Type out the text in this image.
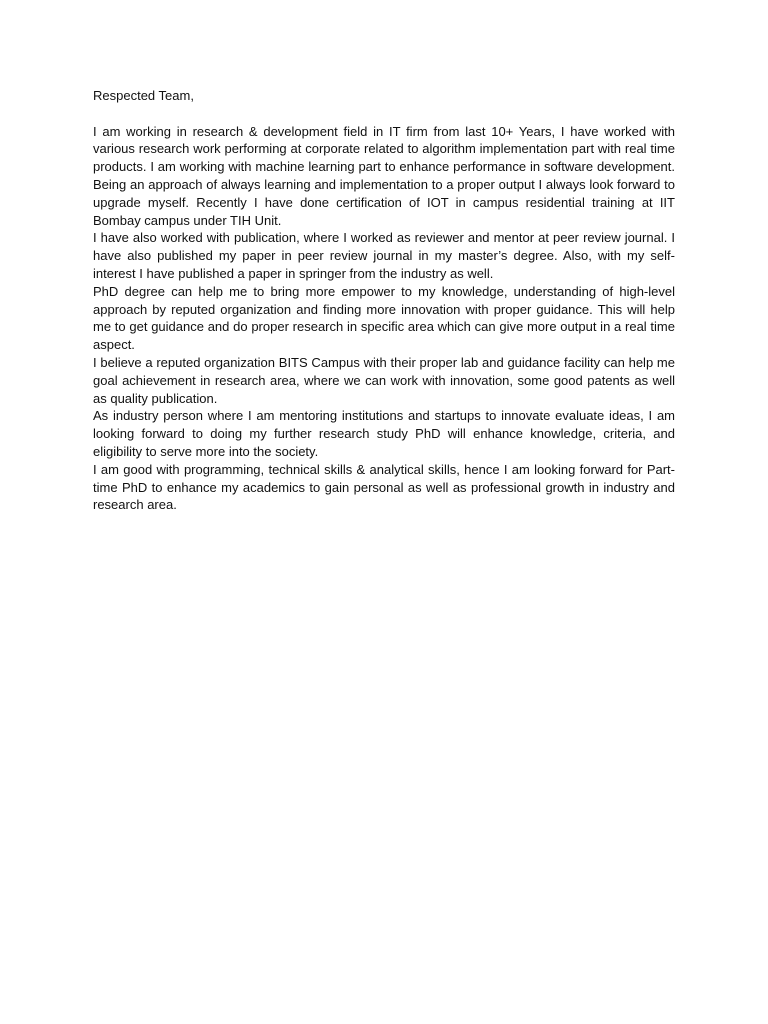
Respected Team,

I am working in research & development field in IT firm from last 10+ Years, I have worked with various research work performing at corporate related to algorithm implementation part with real time products. I am working with machine learning part to enhance performance in software development. Being an approach of always learning and implementation to a proper output I always look forward to upgrade myself. Recently I have done certification of IOT in campus residential training at IIT Bombay campus under TIH Unit.

I have also worked with publication, where I worked as reviewer and mentor at peer review journal. I have also published my paper in peer review journal in my master’s degree. Also, with my self-interest I have published a paper in springer from the industry as well.

PhD degree can help me to bring more empower to my knowledge, understanding of high-level approach by reputed organization and finding more innovation with proper guidance. This will help me to get guidance and do proper research in specific area which can give more output in a real time aspect.

I believe a reputed organization BITS Campus with their proper lab and guidance facility can help me goal achievement in research area, where we can work with innovation, some good patents as well as quality publication.

As industry person where I am mentoring institutions and startups to innovate evaluate ideas, I am looking forward to doing my further research study PhD will enhance knowledge, criteria, and eligibility to serve more into the society.

I am good with programming, technical skills & analytical skills, hence I am looking forward for Part-time PhD to enhance my academics to gain personal as well as professional growth in industry and research area.
